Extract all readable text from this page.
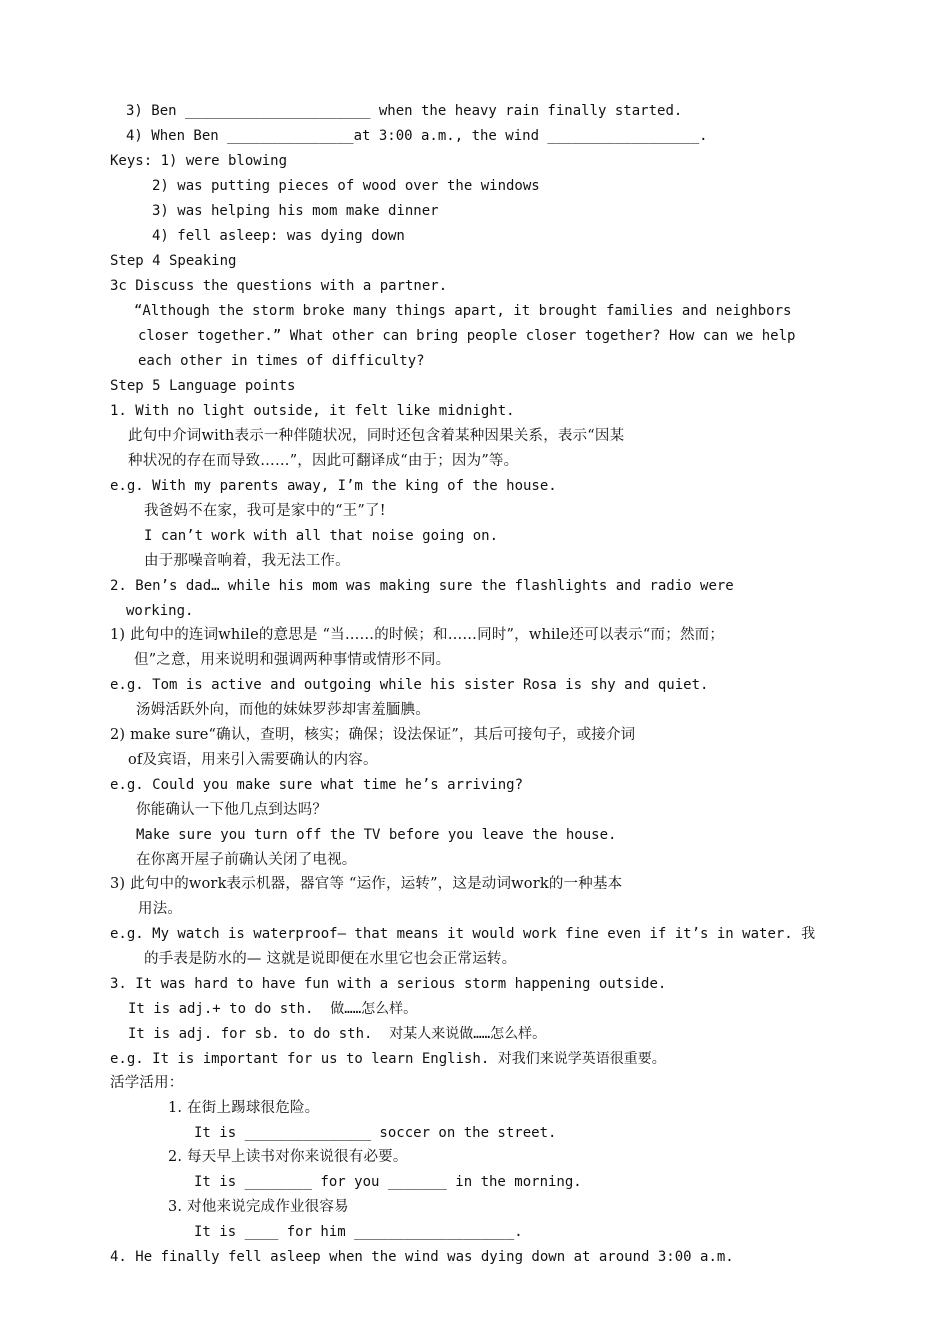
3) Ben ______________________ when the heavy rain finally started.
4) When Ben _______________at 3:00 a.m., the wind __________________.
Keys: 1) were blowing
2) was putting pieces of wood over the windows
3) was helping his mom make dinner
4) fell asleep: was dying down
Step 4 Speaking
3c Discuss the questions with a partner.
“Although the storm broke many things apart, it brought families and neighbors
closer together.” What other can bring people closer together? How can we help
each other in times of difficulty?
Step 5 Language points
1. With no light outside, it felt like midnight.
此句中介词with表示一种伴随状况，同时还包含着某种因果关系，表示“因某
种状况的存在而导致……”，因此可翻译成“由于；因为”等。
e.g. With my parents away, I’m the king of the house.
我爸妈不在家，我可是家中的“王”了!
I can’t work with all that noise going on.
由于那噪音响着，我无法工作。
2. Ben’s dad… while his mom was making sure the flashlights and radio were
working.
1) 此句中的连词while的意思是 “当……的时候；和……同时”，while还可以表示“而；然而；
但”之意，用来说明和强调两种事情或情形不同。
e.g. Tom is active and outgoing while his sister Rosa is shy and quiet.
汤姆活跃外向，而他的妹妹罗莎却害羞腼腆。
2) make sure“确认，查明，核实；确保；设法保证”，其后可接句子，或接介词
of及宾语，用来引入需要确认的内容。
e.g. Could you make sure what time he’s arriving?
你能确认一下他几点到达吗？
Make sure you turn off the TV before you leave the house.
在你离开屋子前确认关闭了电视。
3) 此句中的work表示机器，器官等 “运作，运转”，这是动词work的一种基本
用法。
e.g. My watch is waterproof— that means it would work fine even if it’s in water. 我
的手表是防水的— 这就是说即便在水里它也会正常运转。
3. It was hard to have fun with a serious storm happening outside.
It is adj.+ to do sth.  做……怎么样。
It is adj. for sb. to do sth.  对某人来说做……怎么样。
e.g. It is important for us to learn English. 对我们来说学英语很重要。
活学活用：
1. 在街上踢球很危险。
It is _______________ soccer on the street.
2. 每天早上读书对你来说很有必要。
It is ________ for you _______ in the morning.
3. 对他来说完成作业很容易
It is ____ for him ___________________.
4. He finally fell asleep when the wind was dying down at around 3:00 a.m.
